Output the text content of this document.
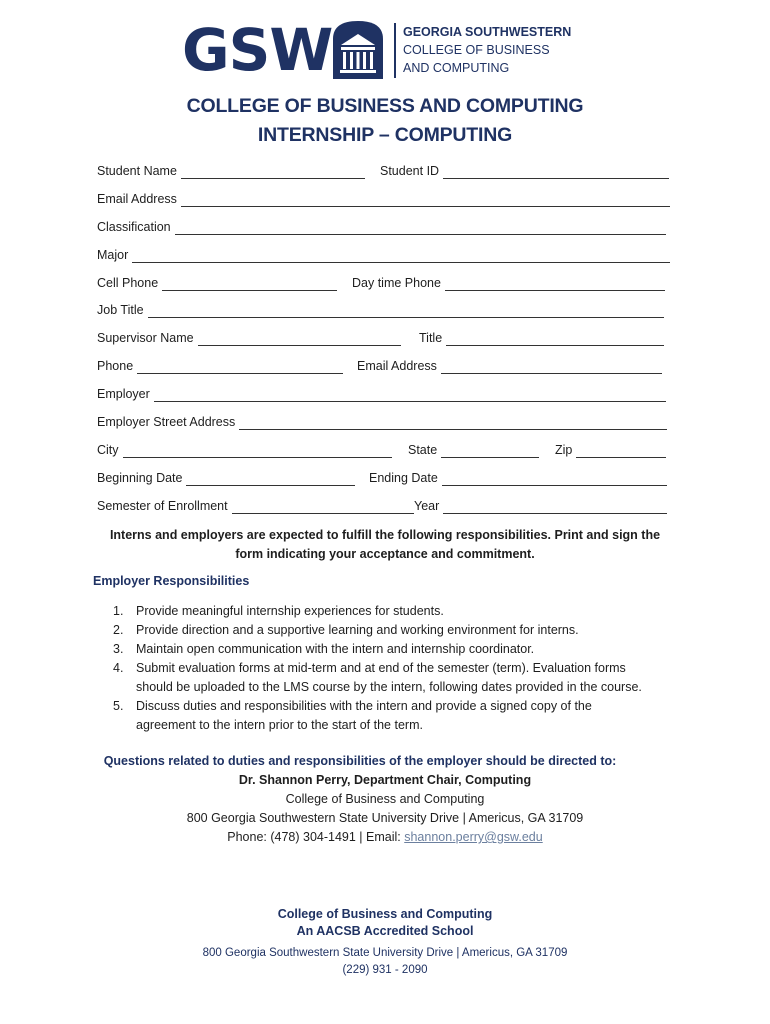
GSW	GEORGIA SOUTHWESTERN
COLLEGE OF BUSINESS
AND COMPUTING
COLLEGE OF BUSINESS AND COMPUTING
INTERNSHIP – COMPUTING
Student Name	Student ID
Email Address
Classification
Major
Cell Phone	Day time Phone
Job Title
Supervisor Name	Title
Phone	Email Address
Employer
Employer Street Address
City	State	Zip
Beginning Date	Ending Date
Semester of Enrollment	Year
Interns and employers are expected to fulfill the following responsibilities. Print and sign the
form indicating your acceptance and commitment.
Employer Responsibilities
1. Provide meaningful internship experiences for students.
2. Provide direction and a supportive learning and working environment for interns.
3. Maintain open communication with the intern and internship coordinator.
4. Submit evaluation forms at mid-term and at end of the semester (term). Evaluation forms
should be uploaded to the LMS course by the intern, following dates provided in the course.
5. Discuss duties and responsibilities with the intern and provide a signed copy of the
agreement to the intern prior to the start of the term.
Questions related to duties and responsibilities of the employer should be directed to:
Dr. Shannon Perry, Department Chair, Computing
College of Business and Computing
800 Georgia Southwestern State University Drive | Americus, GA 31709
Phone: (478) 304-1491 | Email: shannon.perry@gsw.edu
College of Business and Computing
An AACSB Accredited School
800 Georgia Southwestern State University Drive | Americus, GA 31709
(229) 931 - 2090
